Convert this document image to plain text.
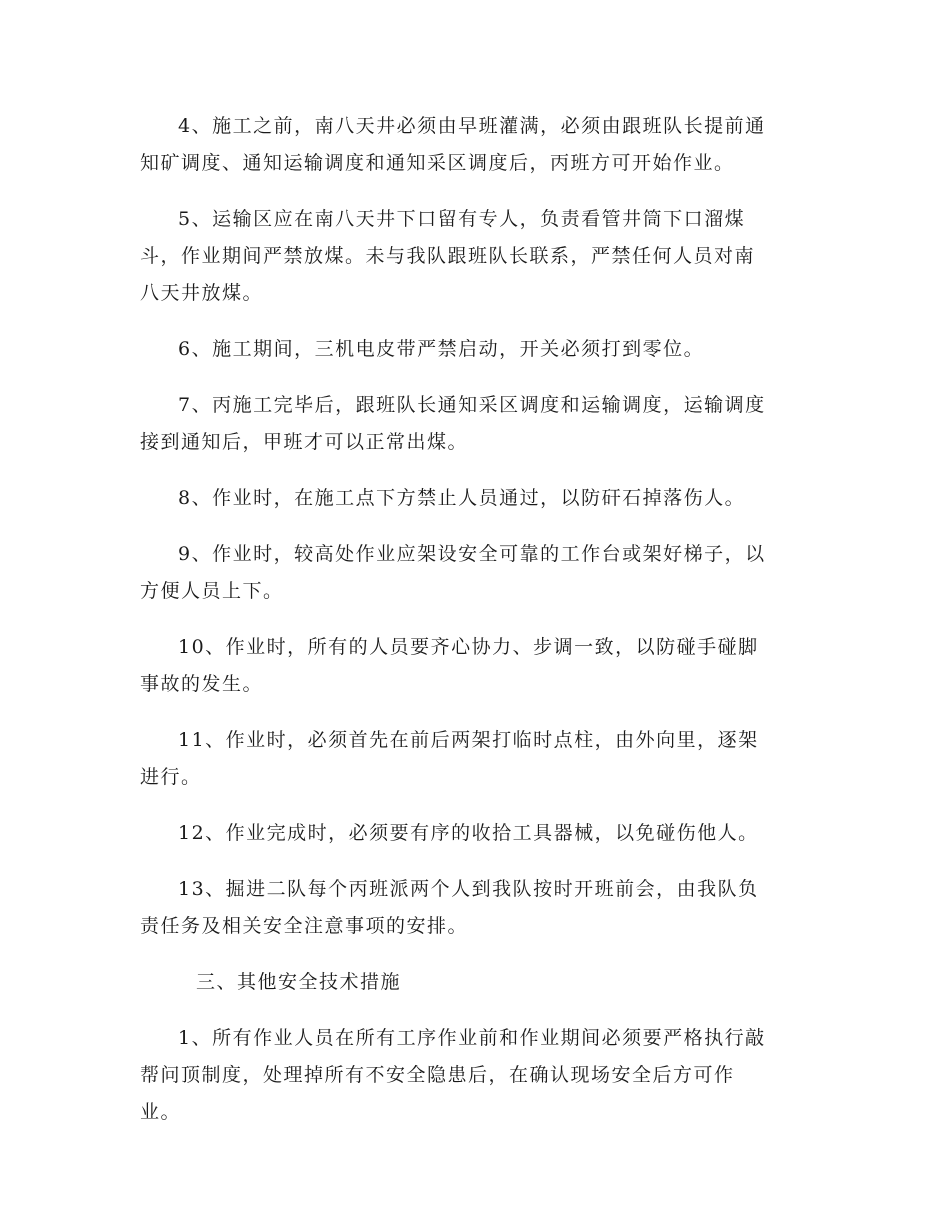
4、施工之前，南八天井必须由早班灌满，必须由跟班队长提前通
知矿调度、通知运输调度和通知采区调度后，丙班方可开始作业。

5、运输区应在南八天井下口留有专人，负责看管井筒下口溜煤
斗，作业期间严禁放煤。未与我队跟班队长联系，严禁任何人员对南
八天井放煤。

6、施工期间，三机电皮带严禁启动，开关必须打到零位。

7、丙施工完毕后，跟班队长通知采区调度和运输调度，运输调度
接到通知后，甲班才可以正常出煤。

8、作业时，在施工点下方禁止人员通过，以防矸石掉落伤人。

9、作业时，较高处作业应架设安全可靠的工作台或架好梯子，以
方便人员上下。

10、作业时，所有的人员要齐心协力、步调一致，以防碰手碰脚
事故的发生。

11、作业时，必须首先在前后两架打临时点柱，由外向里，逐架
进行。

12、作业完成时，必须要有序的收拾工具器械，以免碰伤他人。

13、掘进二队每个丙班派两个人到我队按时开班前会，由我队负
责任务及相关安全注意事项的安排。

三、其他安全技术措施

1、所有作业人员在所有工序作业前和作业期间必须要严格执行敲
帮问顶制度，处理掉所有不安全隐患后，在确认现场安全后方可作
业。
